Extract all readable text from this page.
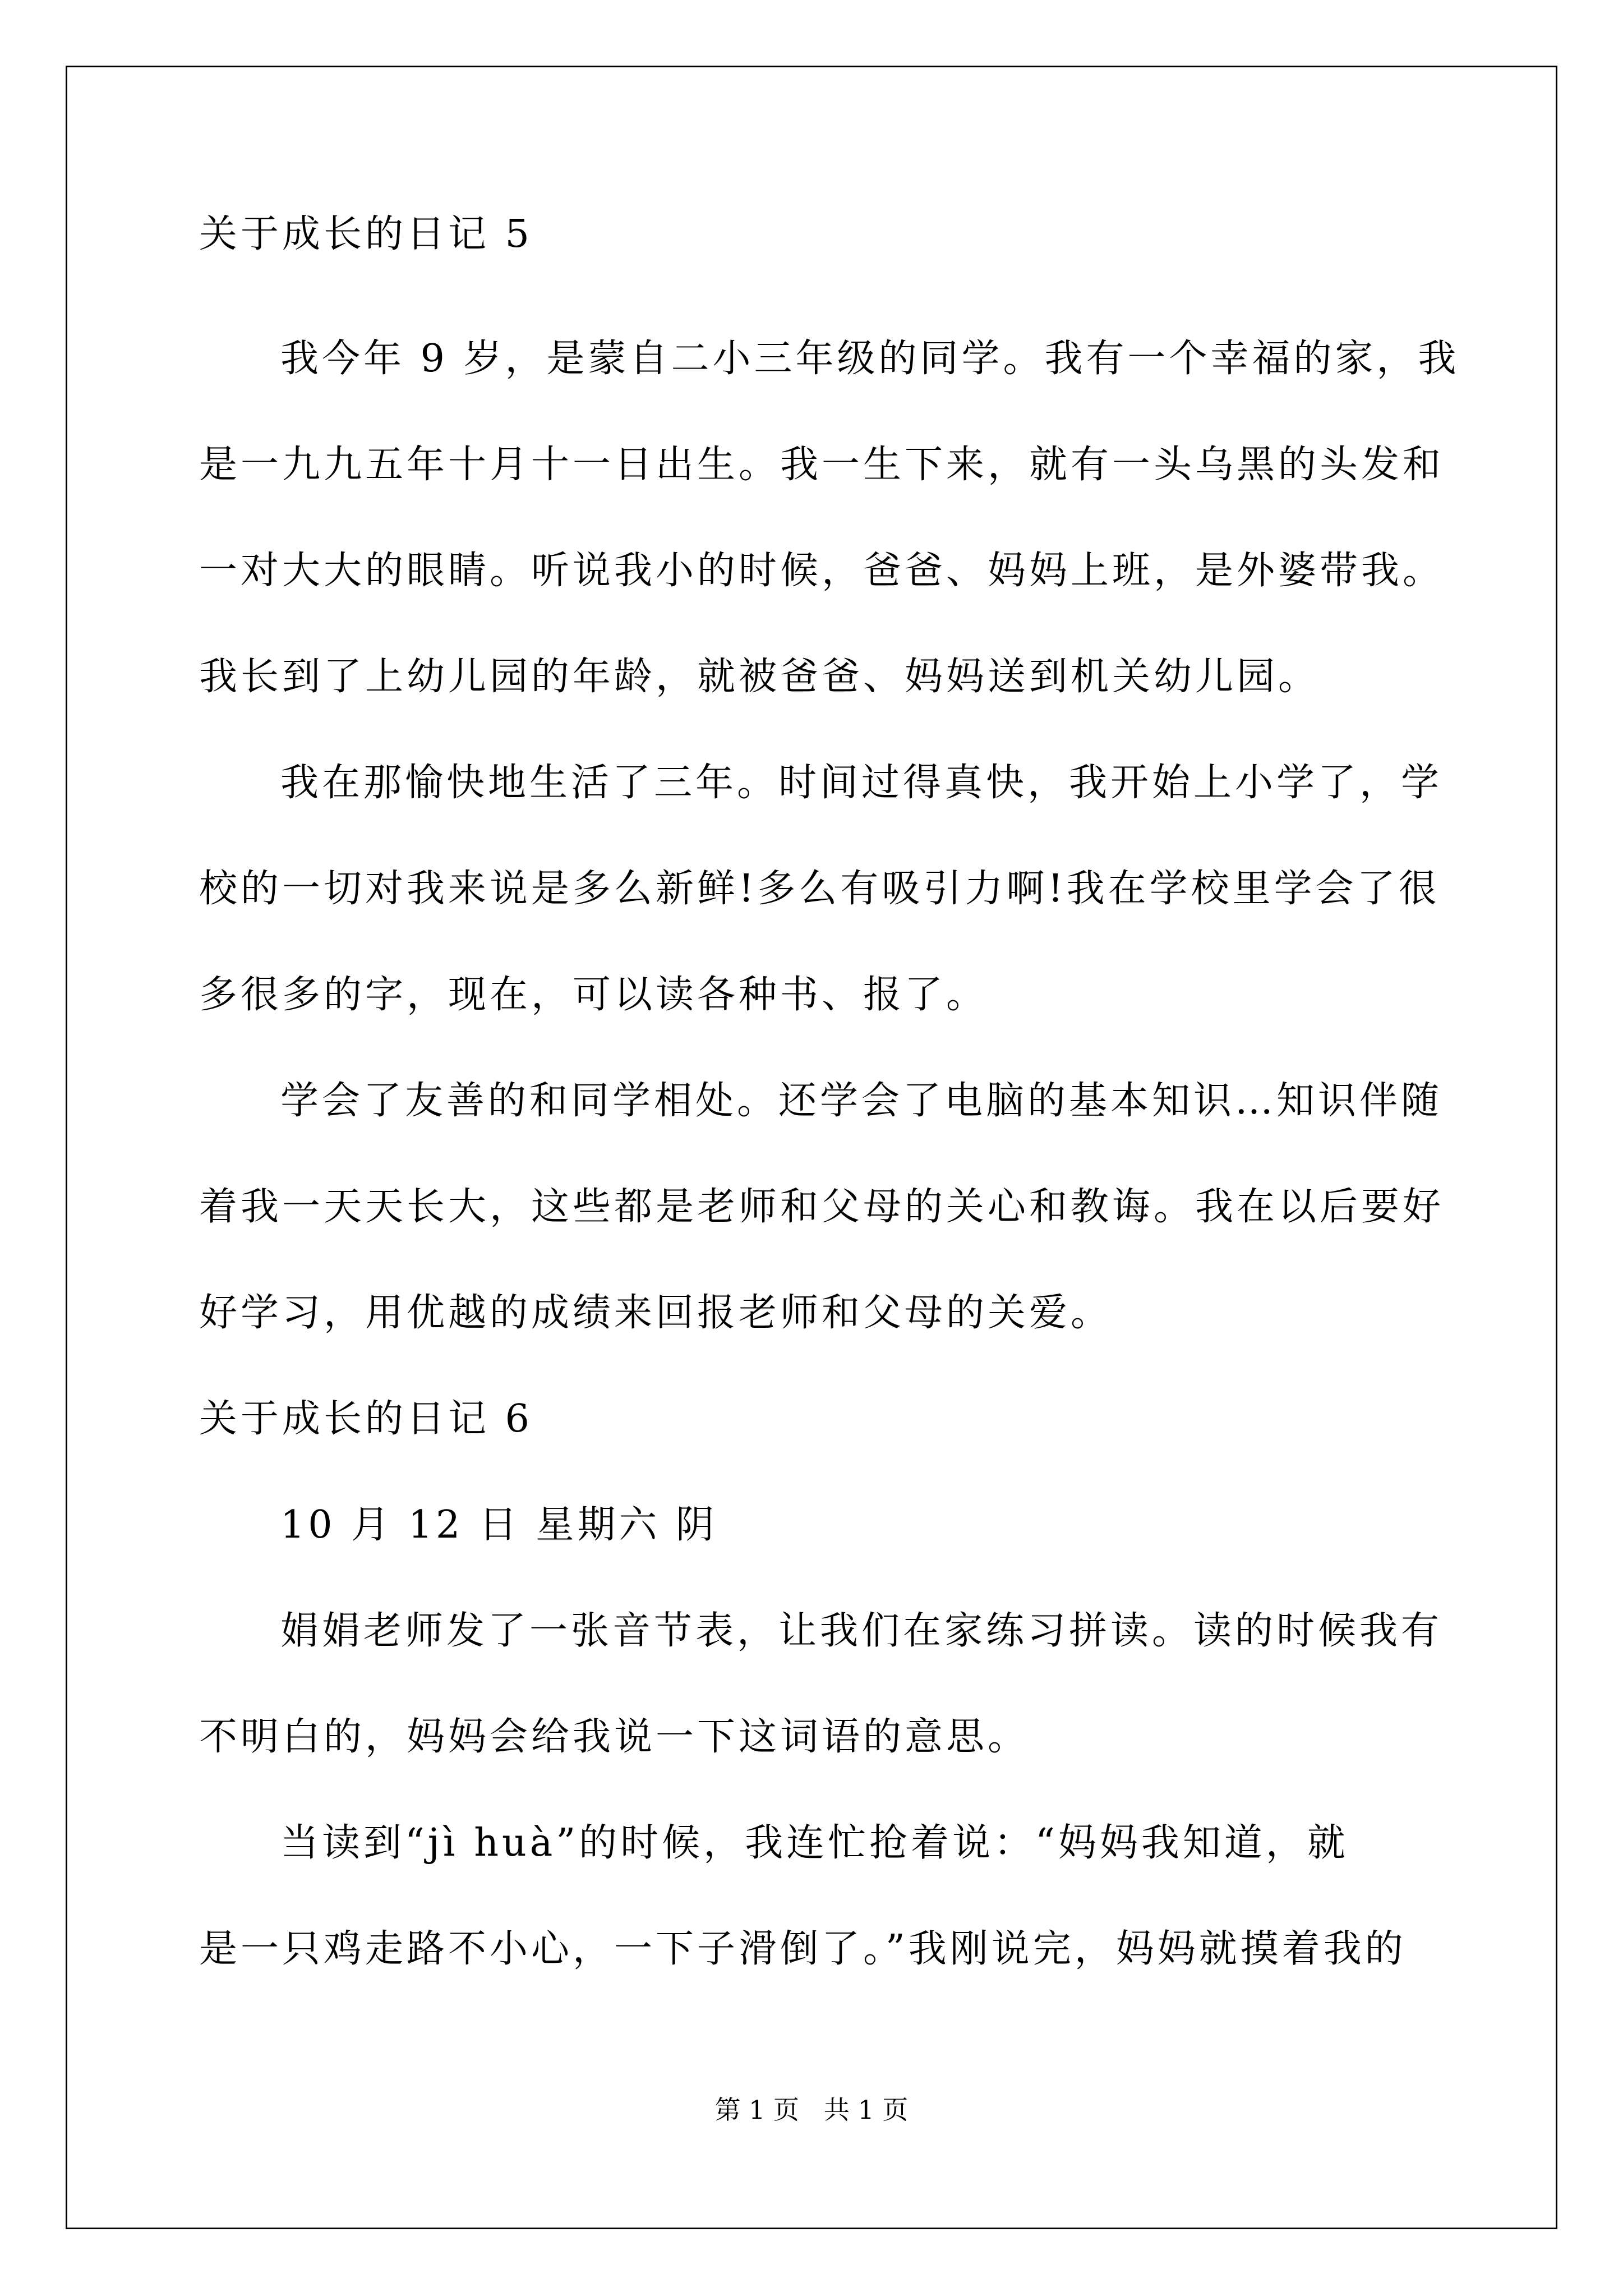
关于成长的日记 5
我今年 9 岁，是蒙自二小三年级的同学。我有一个幸福的家，我
是一九九五年十月十一日出生。我一生下来，就有一头乌黑的头发和
一对大大的眼睛。听说我小的时候，爸爸、妈妈上班，是外婆带我。
我长到了上幼儿园的年龄，就被爸爸、妈妈送到机关幼儿园。
我在那愉快地生活了三年。时间过得真快，我开始上小学了，学
校的一切对我来说是多么新鲜!多么有吸引力啊!我在学校里学会了很
多很多的字，现在，可以读各种书、报了。
学会了友善的和同学相处。还学会了电脑的基本知识…知识伴随
着我一天天长大，这些都是老师和父母的关心和教诲。我在以后要好
好学习，用优越的成绩来回报老师和父母的关爱。
关于成长的日记 6
10 月 12 日 星期六 阴
娟娟老师发了一张音节表，让我们在家练习拼读。读的时候我有
不明白的，妈妈会给我说一下这词语的意思。
当读到“jì huà”的时候，我连忙抢着说：“妈妈我知道，就
是一只鸡走路不小心，一下子滑倒了。”我刚说完，妈妈就摸着我的
第 1 页   共 1 页
